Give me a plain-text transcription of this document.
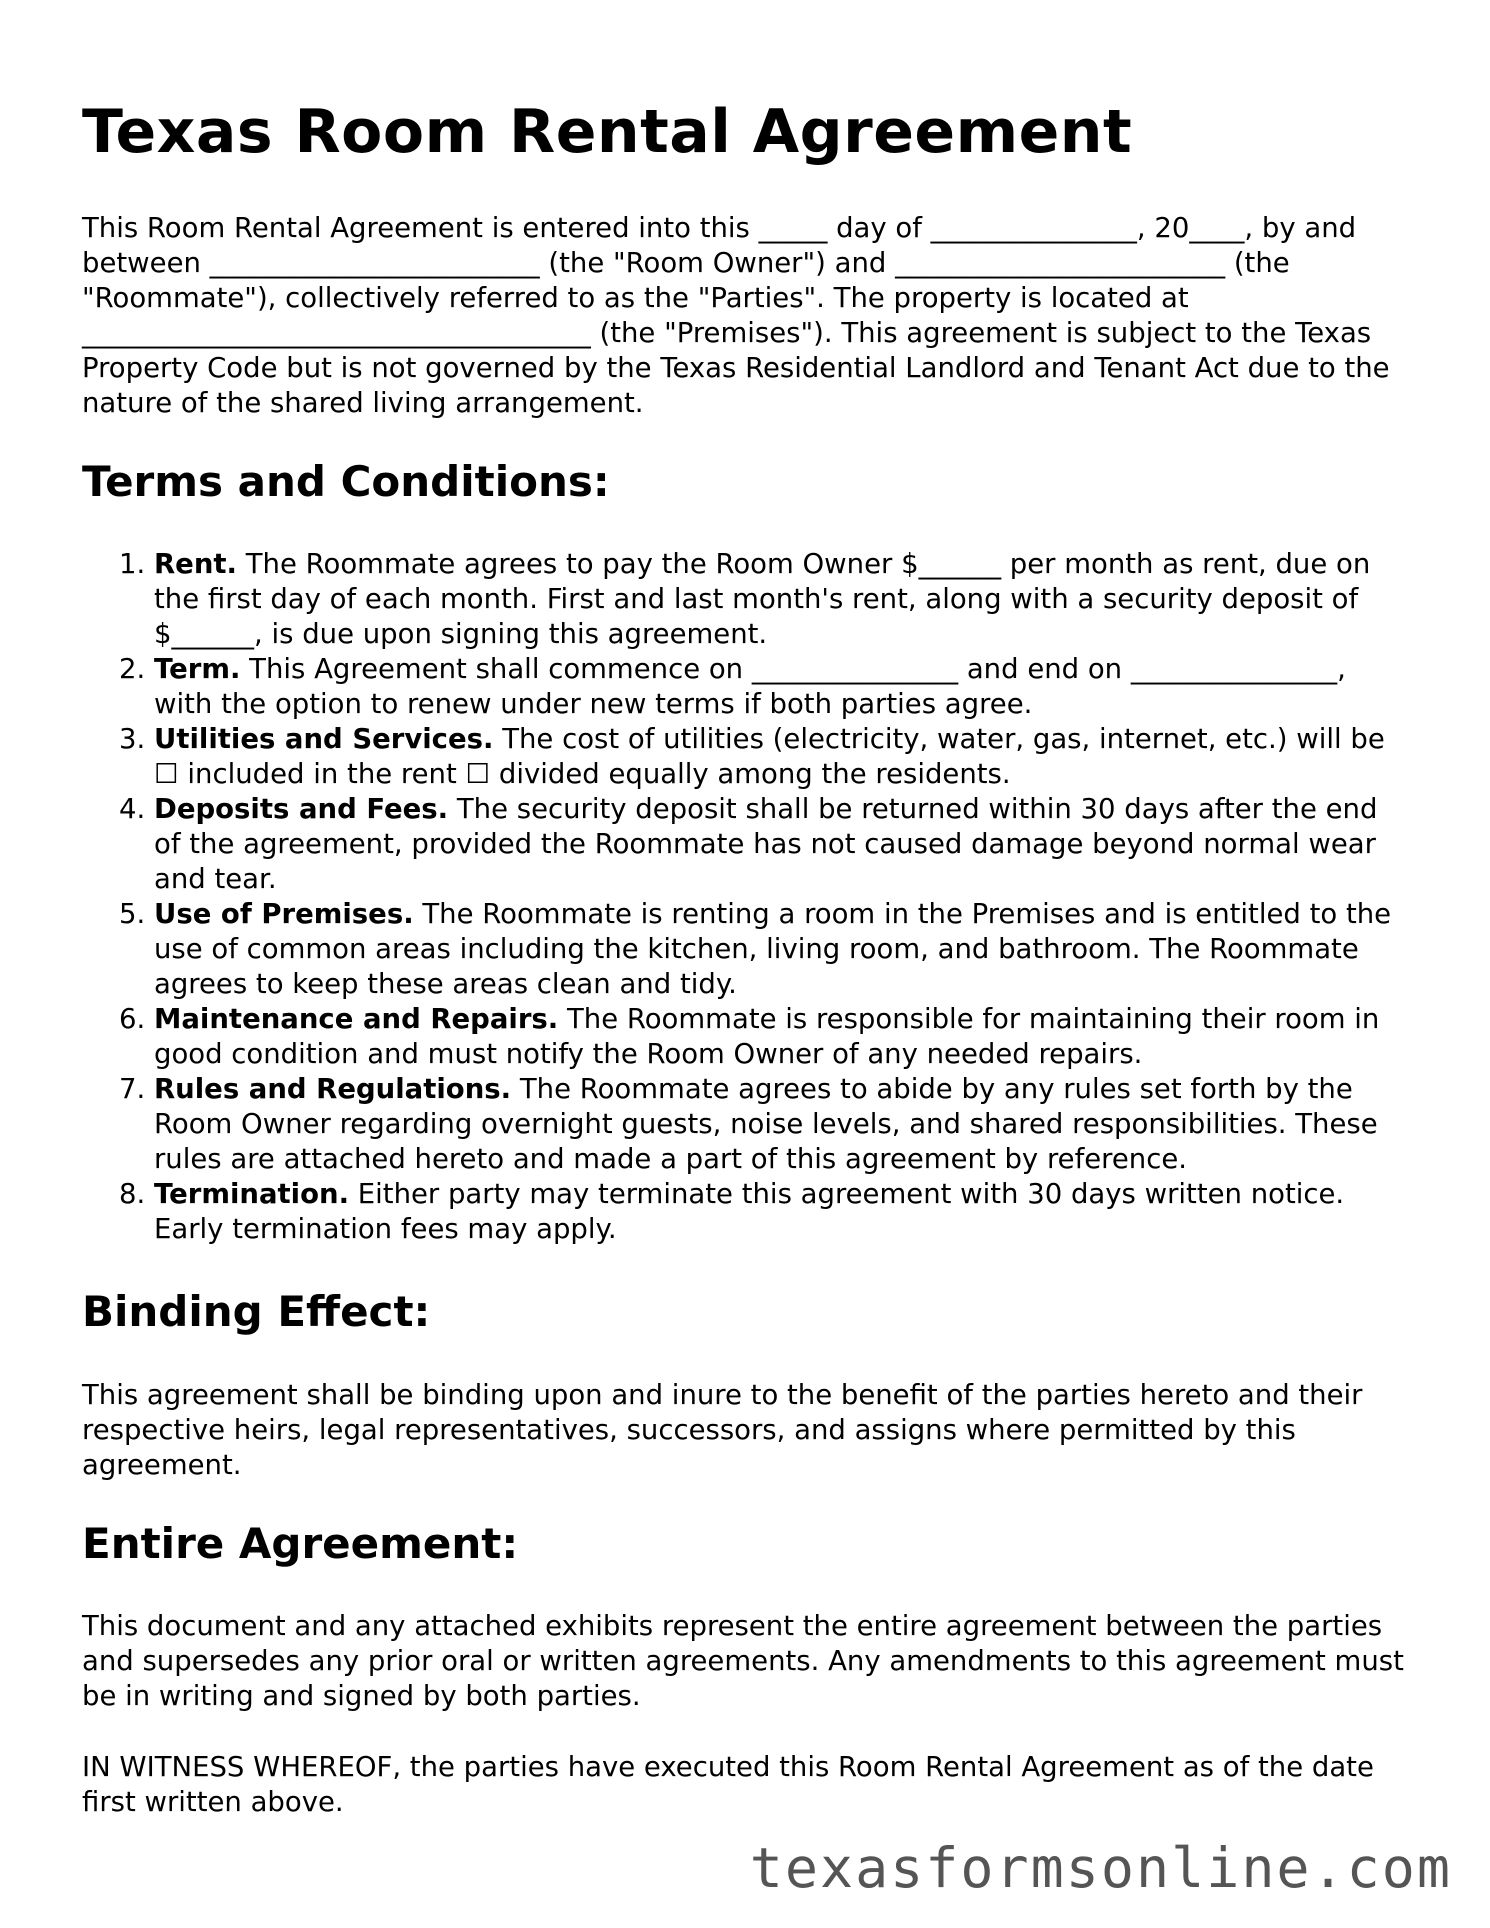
Texas Room Rental Agreement

This Room Rental Agreement is entered into this _____ day of _______________, 20____, by and between ________________________ (the "Room Owner") and ________________________ (the "Roommate"), collectively referred to as the "Parties". The property is located at _____________________________________ (the "Premises"). This agreement is subject to the Texas Property Code but is not governed by the Texas Residential Landlord and Tenant Act due to the nature of the shared living arrangement.

Terms and Conditions:
1. Rent. The Roommate agrees to pay the Room Owner $______ per month as rent, due on the first day of each month. First and last month's rent, along with a security deposit of $______, is due upon signing this agreement.
2. Term. This Agreement shall commence on _______________ and end on _______________, with the option to renew under new terms if both parties agree.
3. Utilities and Services. The cost of utilities (electricity, water, gas, internet, etc.) will be ☐ included in the rent ☐ divided equally among the residents.
4. Deposits and Fees. The security deposit shall be returned within 30 days after the end of the agreement, provided the Roommate has not caused damage beyond normal wear and tear.
5. Use of Premises. The Roommate is renting a room in the Premises and is entitled to the use of common areas including the kitchen, living room, and bathroom. The Roommate agrees to keep these areas clean and tidy.
6. Maintenance and Repairs. The Roommate is responsible for maintaining their room in good condition and must notify the Room Owner of any needed repairs.
7. Rules and Regulations. The Roommate agrees to abide by any rules set forth by the Room Owner regarding overnight guests, noise levels, and shared responsibilities. These rules are attached hereto and made a part of this agreement by reference.
8. Termination. Either party may terminate this agreement with 30 days written notice. Early termination fees may apply.
Binding Effect:

This agreement shall be binding upon and inure to the benefit of the parties hereto and their respective heirs, legal representatives, successors, and assigns where permitted by this agreement.

Entire Agreement:

This document and any attached exhibits represent the entire agreement between the parties and supersedes any prior oral or written agreements. Any amendments to this agreement must be in writing and signed by both parties.

IN WITNESS WHEREOF, the parties have executed this Room Rental Agreement as of the date first written above.

texasformsonline.com
